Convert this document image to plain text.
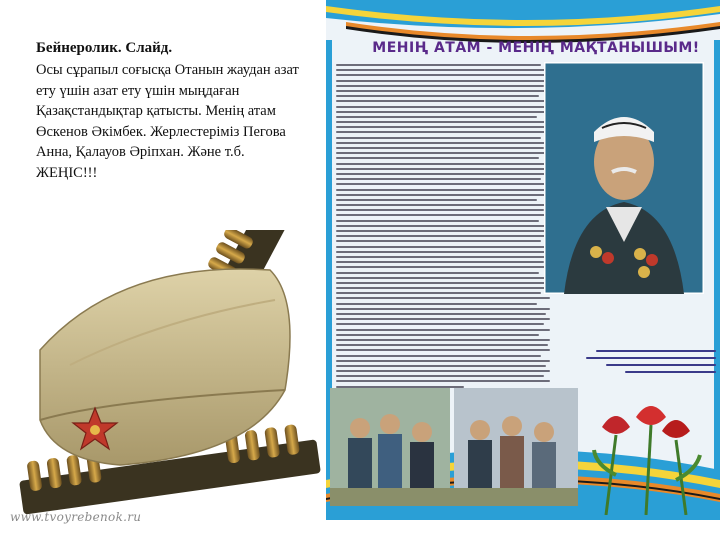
Бейнеролик. Слайд.

Осы сұрапыл соғысқа Отанын жаудан азат ету үшін азат ету үшін мыңдаған Қазақстандықтар қатысты. Менің атам Өскенов Әкімбек. Жерлестеріміз Пегова Анна, Қалауов Әріпхан. Және т.б. ЖЕҢІС!!!

www.tvoyrebenok.ru
МЕНІҢ АТАМ - МЕНІҢ МАҚТАНЫШЫМ!
